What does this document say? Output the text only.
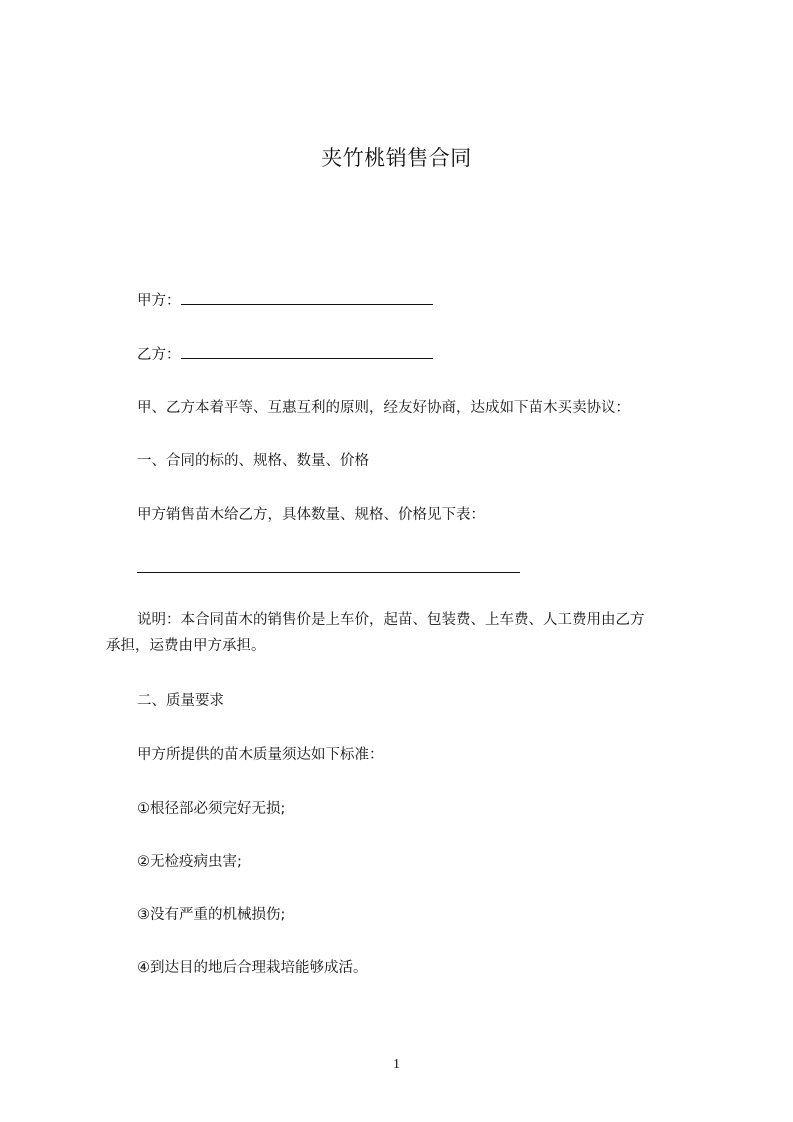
夹竹桃销售合同
甲方：
乙方：
甲、乙方本着平等、互惠互利的原则，经友好协商，达成如下苗木买卖协议：
一、合同的标的、规格、数量、价格
甲方销售苗木给乙方，具体数量、规格、价格见下表：
说明：本合同苗木的销售价是上车价，起苗、包装费、上车费、人工费用由乙方
承担，运费由甲方承担。
二、质量要求
甲方所提供的苗木质量须达如下标准：
①根径部必须完好无损;
②无检疫病虫害;
③没有严重的机械损伤;
④到达目的地后合理栽培能够成活。
1
